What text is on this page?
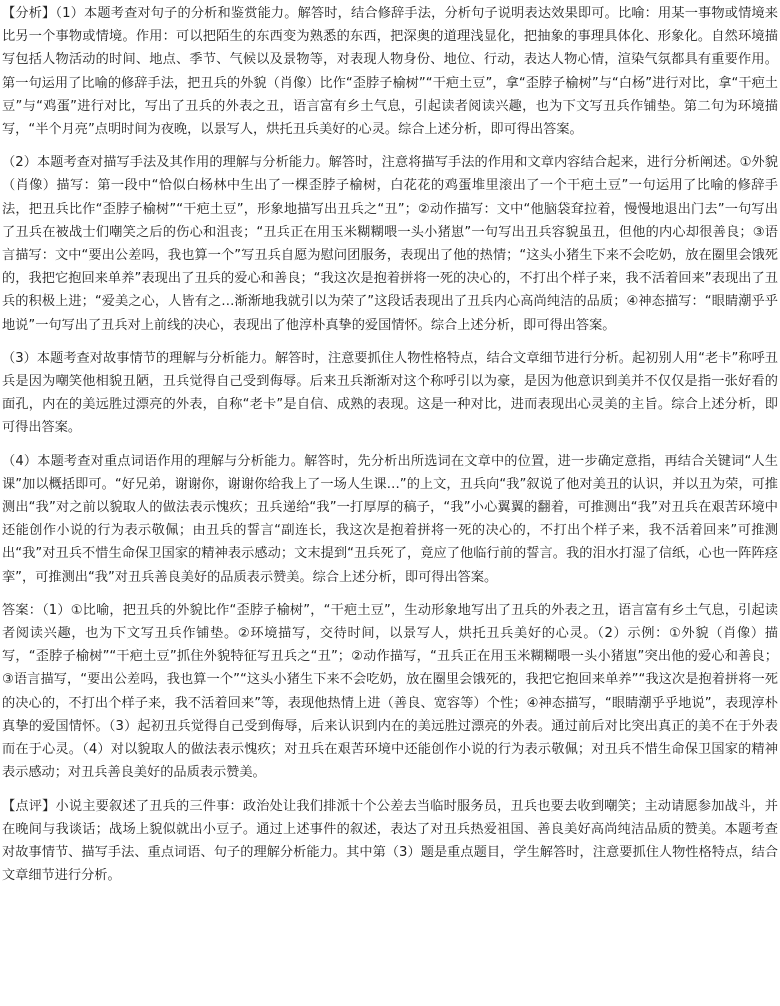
【分析】（1）本题考查对句子的分析和鉴赏能力。解答时，结合修辞手法，分析句子说明表达效果即可。比喻：用某一事物或情境来比另一个事物或情境。作用：可以把陌生的东西变为熟悉的东西，把深奥的道理浅显化，把抽象的事理具体化、形象化。自然环境描写包括人物活动的时间、地点、季节、气候以及景物等，对表现人物身份、地位、行动，表达人物心情，渲染气氛都具有重要作用。第一句运用了比喻的修辞手法，把丑兵的外貌（肖像）比作“歪脖子榆树”“干疤土豆”，拿“歪脖子榆树”与“白杨”进行对比，拿“干疤土豆”与“鸡蛋”进行对比，写出了丑兵的外表之丑，语言富有乡土气息，引起读者阅读兴趣，也为下文写丑兵作铺垫。第二句为环境描写，“半个月亮”点明时间为夜晚，以景写人，烘托丑兵美好的心灵。综合上述分析，即可得出答案。

（2）本题考查对描写手法及其作用的理解与分析能力。解答时，注意将描写手法的作用和文章内容结合起来，进行分析阐述。①外貌（肖像）描写：第一段中“恰似白杨林中生出了一棵歪脖子榆树，白花花的鸡蛋堆里滚出了一个干疤土豆”一句运用了比喻的修辞手法，把丑兵比作“歪脖子榆树”“干疤土豆”，形象地描写出丑兵之“丑”；②动作描写：文中“他脑袋耷拉着，慢慢地退出门去”一句写出了丑兵在被战士们嘲笑之后的伤心和沮丧；“丑兵正在用玉米糊糊喂一头小猪崽”一句写出丑兵容貌虽丑，但他的内心却很善良；③语言描写：文中“要出公差吗，我也算一个”写丑兵自愿为慰问团服务，表现出了他的热情；“这头小猪生下来不会吃奶，放在圈里会饿死的，我把它抱回来单养”表现出了丑兵的爱心和善良；“我这次是抱着拼将一死的决心的，不打出个样子来，我不活着回来”表现出了丑兵的积极上进；“爱美之心，人皆有之…渐渐地我就引以为荣了”这段话表现出了丑兵内心高尚纯洁的品质；④神态描写：“眼睛潮乎乎地说”一句写出了丑兵对上前线的决心，表现出了他淳朴真挚的爱国情怀。综合上述分析，即可得出答案。

（3）本题考查对故事情节的理解与分析能力。解答时，注意要抓住人物性格特点，结合文章细节进行分析。起初别人用“老卡”称呼丑兵是因为嘲笑他相貌丑陋，丑兵觉得自己受到侮辱。后来丑兵渐渐对这个称呼引以为豪，是因为他意识到美并不仅仅是指一张好看的面孔，内在的美远胜过漂亮的外表，自称“老卡”是自信、成熟的表现。这是一种对比，进而表现出心灵美的主旨。综合上述分析，即可得出答案。

（4）本题考查对重点词语作用的理解与分析能力。解答时，先分析出所选词在文章中的位置，进一步确定意指，再结合关键词“人生课”加以概括即可。“好兄弟，谢谢你，谢谢你给我上了一场人生课…”的上文，丑兵向“我”叙说了他对美丑的认识，并以丑为荣，可推测出“我”对之前以貌取人的做法表示愧疚；丑兵递给“我”一打厚厚的稿子，“我”小心翼翼的翻着，可推测出“我”对丑兵在艰苦环境中还能创作小说的行为表示敬佩；由丑兵的誓言“副连长，我这次是抱着拼将一死的决心的，不打出个样子来，我不活着回来”可推测出“我”对丑兵不惜生命保卫国家的精神表示感动；文末提到“丑兵死了，竟应了他临行前的誓言。我的泪水打湿了信纸，心也一阵阵痉挛”，可推测出“我”对丑兵善良美好的品质表示赞美。综合上述分析，即可得出答案。

答案：（1）①比喻，把丑兵的外貌比作“歪脖子榆树”，“干疤土豆”，生动形象地写出了丑兵的外表之丑，语言富有乡土气息，引起读者阅读兴趣，也为下文写丑兵作铺垫。②环境描写，交待时间，以景写人，烘托丑兵美好的心灵。（2）示例：①外貌（肖像）描写，“歪脖子榆树”“干疤土豆”抓住外貌特征写丑兵之“丑”；②动作描写，“丑兵正在用玉米糊糊喂一头小猪崽”突出他的爱心和善良；③语言描写，“要出公差吗，我也算一个”“这头小猪生下来不会吃奶，放在圈里会饿死的，我把它抱回来单养”“我这次是抱着拼将一死的决心的，不打出个样子来，我不活着回来”等，表现他热情上进（善良、宽容等）个性；④神态描写，“眼睛潮乎乎地说”，表现淳朴真挚的爱国情怀。（3）起初丑兵觉得自己受到侮辱，后来认识到内在的美远胜过漂亮的外表。通过前后对比突出真正的美不在于外表而在于心灵。（4）对以貌取人的做法表示愧疚；对丑兵在艰苦环境中还能创作小说的行为表示敬佩；对丑兵不惜生命保卫国家的精神表示感动；对丑兵善良美好的品质表示赞美。

【点评】小说主要叙述了丑兵的三件事：政治处让我们排派十个公差去当临时服务员，丑兵也要去收到嘲笑；主动请愿参加战斗，并在晚间与我谈话；战场上貌似就出小豆子。通过上述事件的叙述，表达了对丑兵热爱祖国、善良美好高尚纯洁品质的赞美。本题考查对故事情节、描写手法、重点词语、句子的理解分析能力。其中第（3）题是重点题目，学生解答时，注意要抓住人物性格特点，结合文章细节进行分析。
